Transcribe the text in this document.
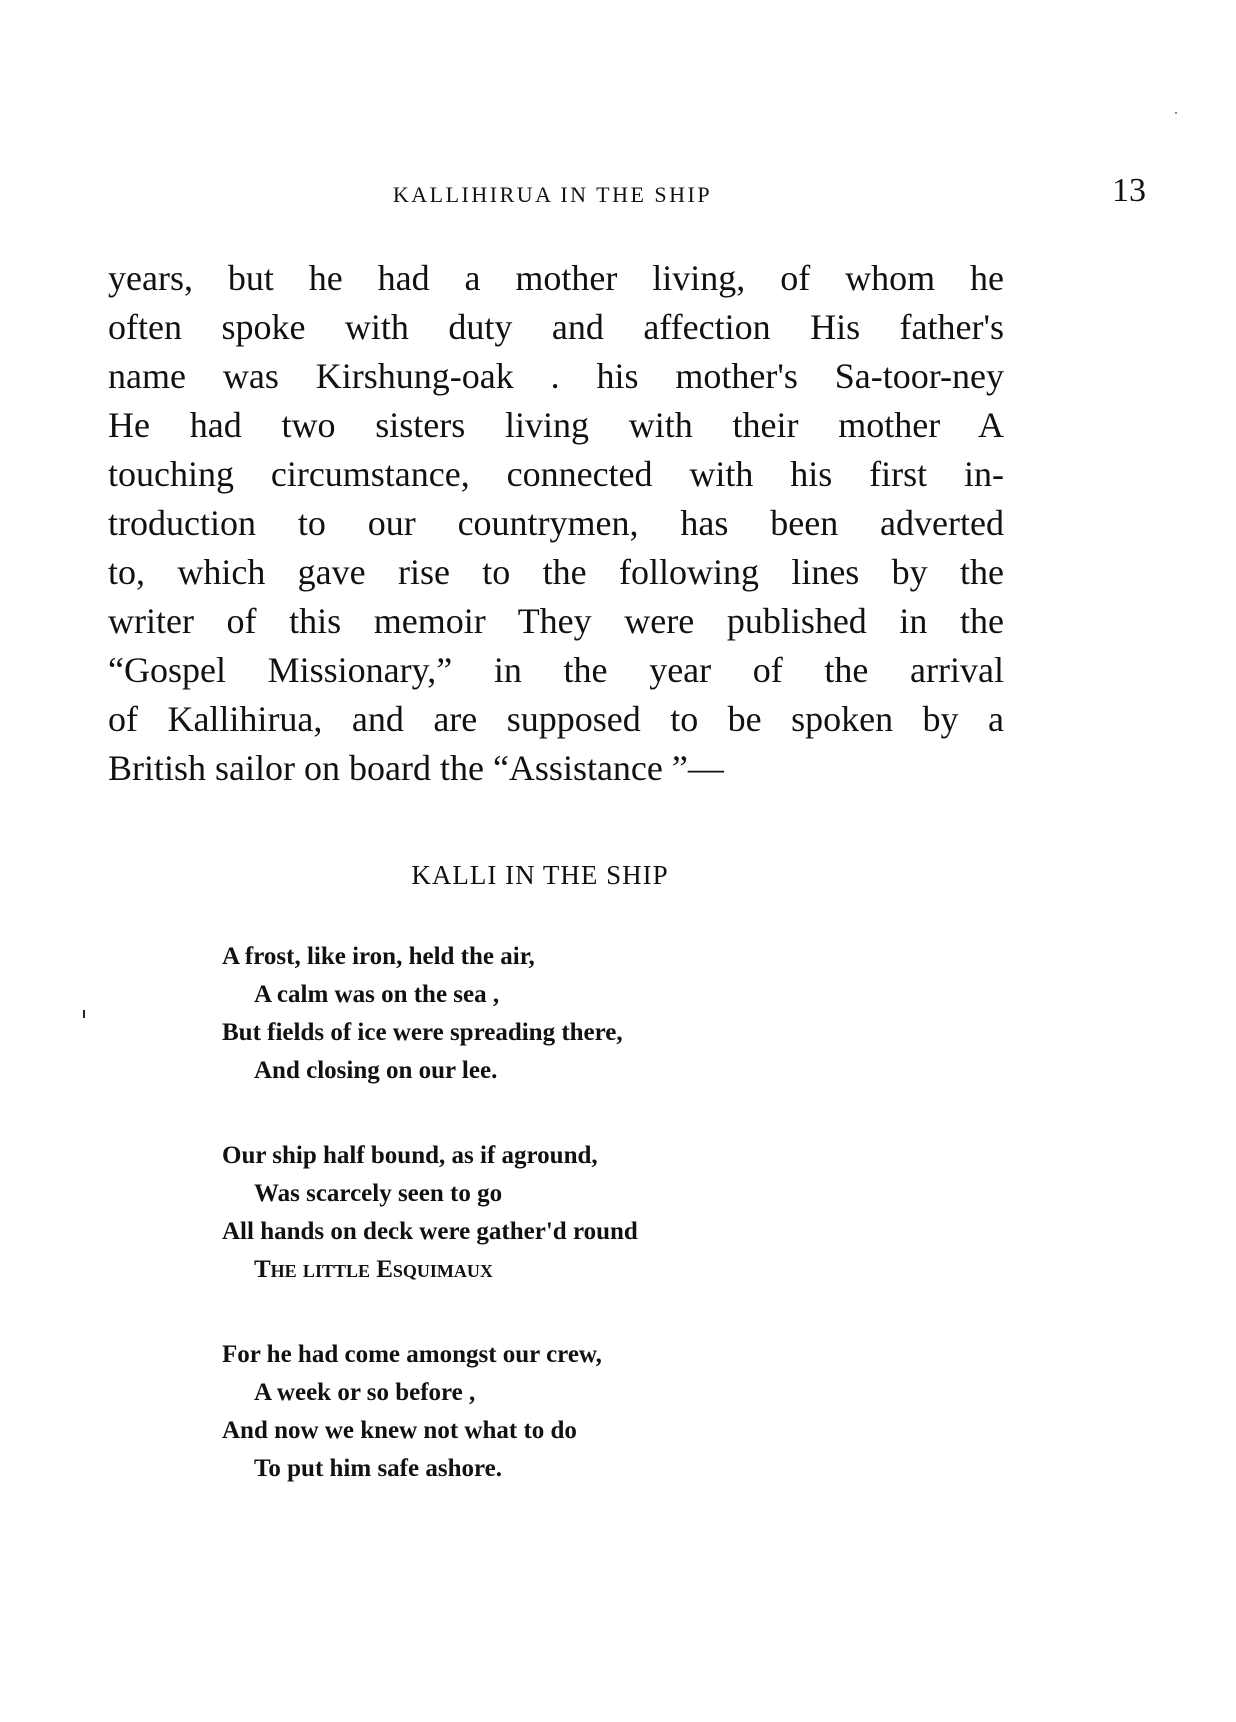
KALLIHIRUA IN THE SHIP	13
years, but he had a mother living, of whom he
often spoke with duty and affection His father's
name was Kirshung-oak . his mother's Sa-toor-ney
He had two sisters living with their mother A
touching circumstance, connected with his first in-
troduction to our countrymen, has been adverted
to, which gave rise to the following lines by the
writer of this memoir They were published in the
“Gospel Missionary,” in the year of the arrival
of Kallihirua, and are supposed to be spoken by a
British sailor on board the “Assistance ”—
KALLI IN THE SHIP
A frost, like iron, held the air,
A calm was on the sea ,
But fields of ice were spreading there,
And closing on our lee.
Our ship half bound, as if aground,
Was scarcely seen to go
All hands on deck were gather'd round
The little Esquimaux
For he had come amongst our crew,
A week or so before ,
And now we knew not what to do
To put him safe ashore.
